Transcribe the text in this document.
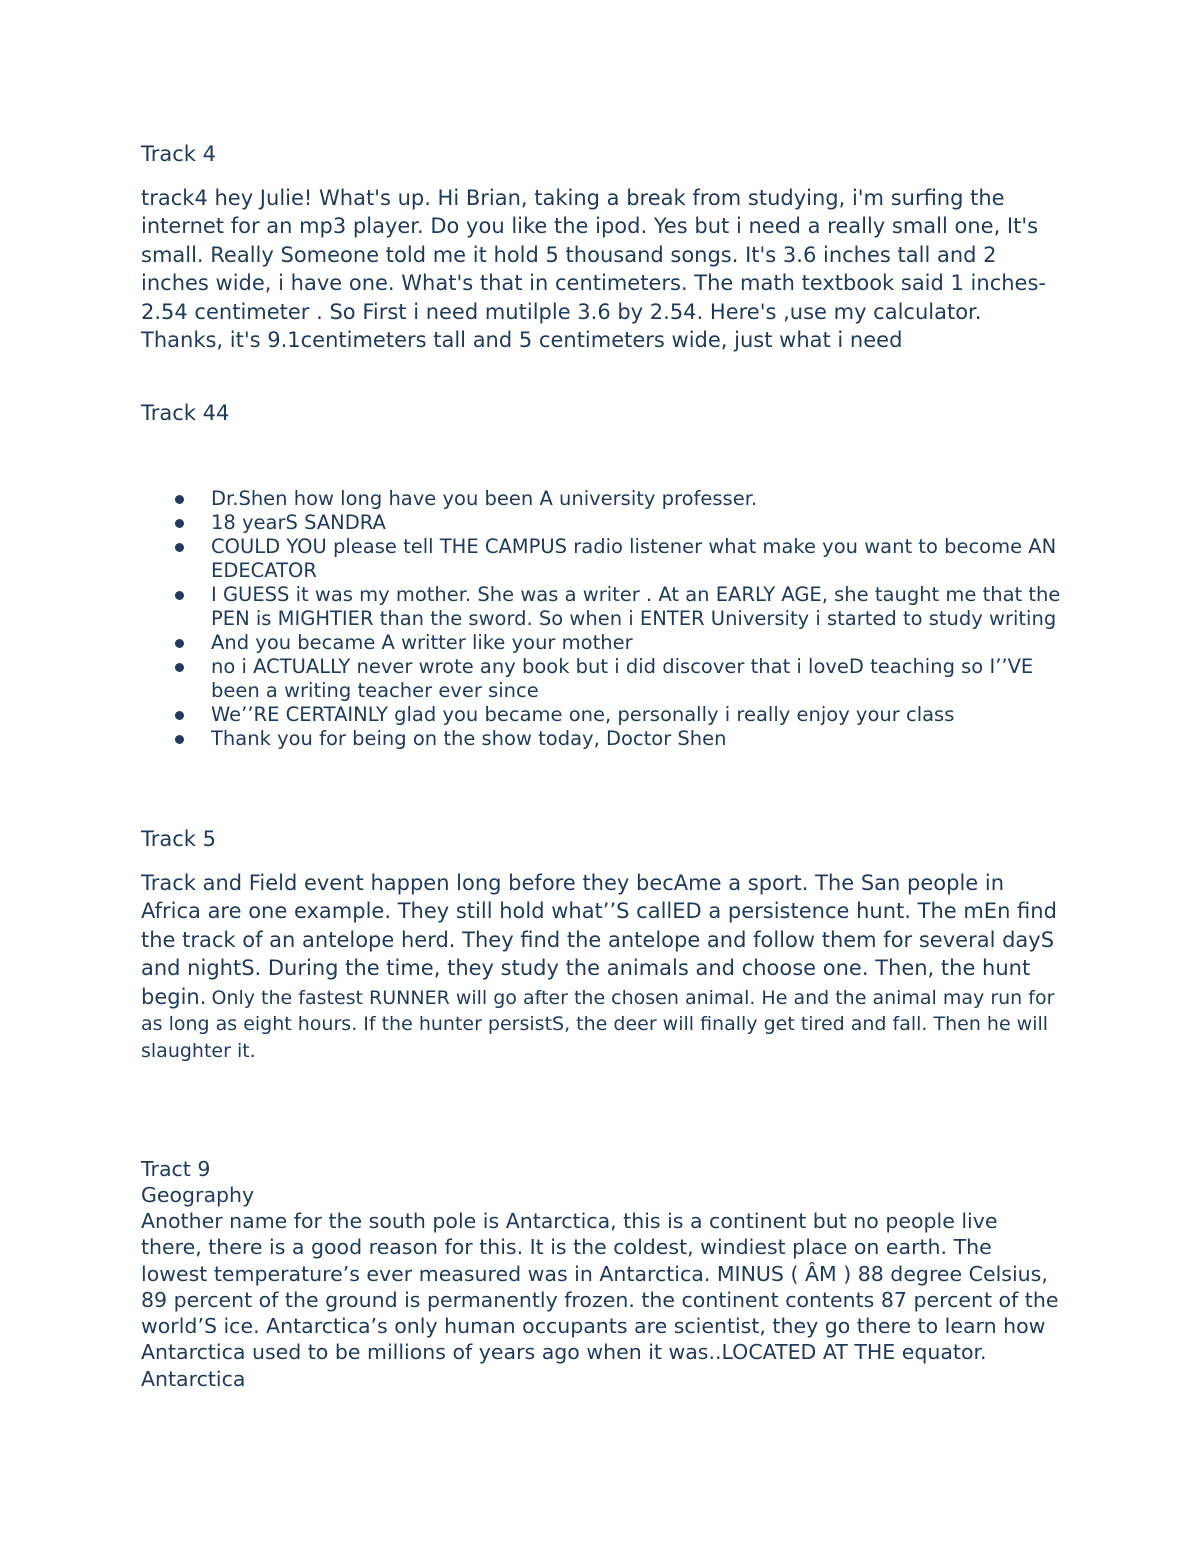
Track 4

track4 hey Julie! What's up. Hi Brian, taking a break from studying, i'm surfing the internet for an mp3 player. Do you like the ipod. Yes but i need a really small one, It's small. Really Someone told me it hold 5 thousand songs. It's 3.6 inches tall and 2 inches wide, i have one. What's that in centimeters. The math textbook said 1 inches- 2.54 centimeter . So First i need mutilple 3.6 by 2.54. Here's ,use my calculator. Thanks, it's 9.1centimeters tall and 5 centimeters wide, just what i need

Track 44
Dr.Shen how long have you been A university professer.
18 yearS SANDRA
COULD YOU please tell THE CAMPUS radio listener what make you want to become AN EDECATOR
I GUESS it was my mother. She was a writer . At an EARLY AGE, she taught me that the PEN is MIGHTIER than the sword. So when i ENTER University i started to study writing
And you became A writter like your mother
no i ACTUALLY never wrote any book but i did discover that i loveD teaching so I’’VE been a writing teacher ever since
We’’RE CERTAINLY glad you became one, personally i really enjoy your class
Thank you for being on the show today, Doctor Shen
Track 5
Track and Field event happen long before they becAme a sport. The San people in Africa are one example. They still hold what’’S callED a persistence hunt. The mEn find the track of an antelope herd. They find the antelope and follow them for several dayS and nightS. During the time, they study the animals and choose one. Then, the hunt begin. Only the fastest RUNNER will go after the chosen animal. He and the animal may run for as long as eight hours. If the hunter persistS, the deer will finally get tired and fall. Then he will slaughter it.
Tract 9
Geography

Another name for the south pole is Antarctica, this is a continent but no people live there, there is a good reason for this. It is the coldest, windiest place on earth. The lowest temperature’s ever measured was in Antarctica. MINUS ( ÂM ) 88 degree Celsius, 89 percent of the ground is permanently frozen. the continent contents 87 percent of the world’S ice. Antarctica’s only human occupants are scientist, they go there to learn how Antarctica used to be millions of years ago when it was..LOCATED AT THE equator. Antarctica
